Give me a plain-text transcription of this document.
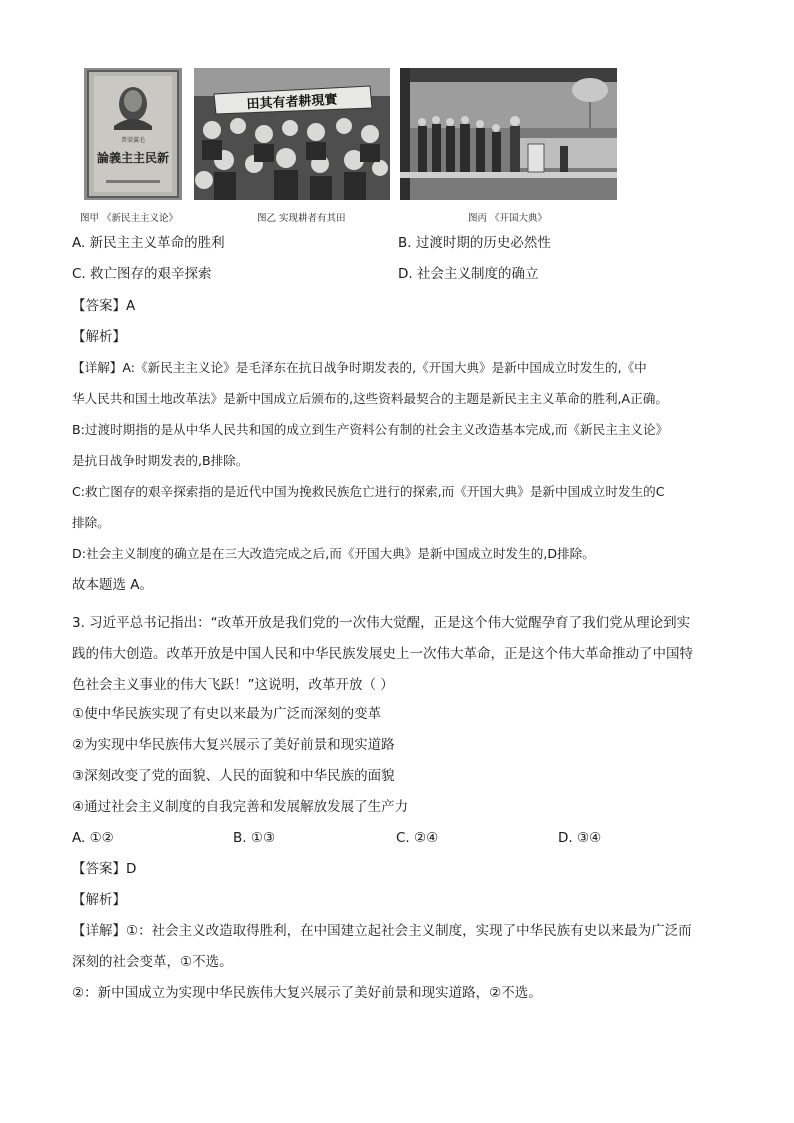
普梁翼毛
論義主主民新
图甲 《新民主主义论》
田其有者耕現實
图乙 实现耕者有其田	图丙 《开国大典》
A. 新民主主义革命的胜利	B. 过渡时期的历史必然性
C. 救亡图存的艰辛探索	D. 社会主义制度的确立
【答案】A
【解析】
【详解】A:《新民主主义论》是毛泽东在抗日战争时期发表的,《开国大典》是新中国成立时发生的,《中
华人民共和国土地改革法》是新中国成立后颁布的,这些资料最契合的主题是新民主主义革命的胜利,A正确。
B:过渡时期指的是从中华人民共和国的成立到生产资料公有制的社会主义改造基本完成,而《新民主主义论》
是抗日战争时期发表的,B排除。
C:救亡图存的艰辛探索指的是近代中国为挽救民族危亡进行的探索,而《开国大典》是新中国成立时发生的C
排除。
D:社会主义制度的确立是在三大改造完成之后,而《开国大典》是新中国成立时发生的,D排除。
故本题选 A。
3. 习近平总书记指出：“改革开放是我们党的一次伟大觉醒，正是这个伟大觉醒孕育了我们党从理论到实
践的伟大创造。改革开放是中国人民和中华民族发展史上一次伟大革命，正是这个伟大革命推动了中国特
色社会主义事业的伟大飞跃！”这说明，改革开放（ ）
①使中华民族实现了有史以来最为广泛而深刻的变革
②为实现中华民族伟大复兴展示了美好前景和现实道路
③深刻改变了党的面貌、人民的面貌和中华民族的面貌
④通过社会主义制度的自我完善和发展解放发展了生产力
A. ①②	B. ①③	C. ②④	D. ③④
【答案】D
【解析】
【详解】①：社会主义改造取得胜利，在中国建立起社会主义制度，实现了中华民族有史以来最为广泛而
深刻的社会变革，①不选。
②：新中国成立为实现中华民族伟大复兴展示了美好前景和现实道路，②不选。
